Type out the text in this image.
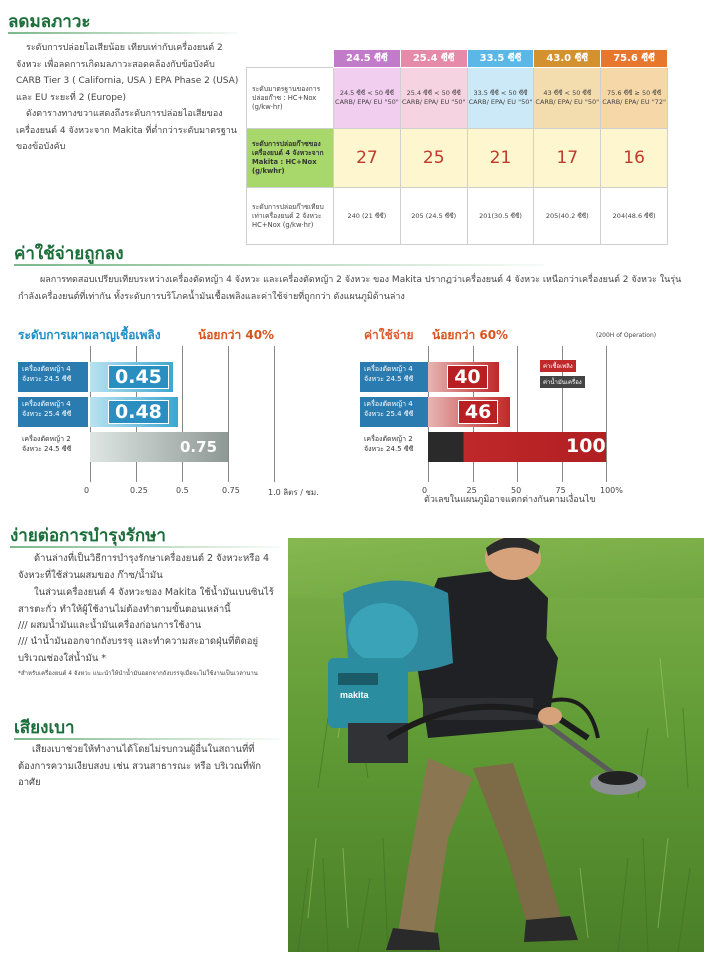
ลดมลภาวะ
ระดับการปล่อยไอเสียน้อย เทียบเท่ากับเครื่องยนต์ 2 จังหวะ เพื่อลดการเกิดมลภาวะสอดคล้องกับข้อบังคับ CARB Tier 3 ( California, USA ) EPA Phase 2 (USA) และ EU ระยะที่ 2 (Europe)
ดังตารางทางขวาแสดงถึงระดับการปล่อยไอเสียของเครื่องยนต์ 4 จังหวะจาก Makita ที่ต่ำกว่าระดับมาตรฐานของข้อบังคับ
	24.5 ซีซี	25.4 ซีซี	33.5 ซีซี	43.0 ซีซี	75.6 ซีซี
ระดับมาตรฐานของการปล่อยก๊าซ : HC+Nox (g/kw·hr)	24.5 ซีซี < 50 ซีซี CARB/ EPA/ EU "50"	25.4 ซีซี < 50 ซีซี CARB/ EPA/ EU "50"	33.5 ซีซี < 50 ซีซี CARB/ EPA/ EU "50"	43 ซีซี < 50 ซีซี CARB/ EPA/ EU "50"	75.6 ซีซี ≥ 50 ซีซี CARB/ EPA/ EU "72"
ระดับการปล่อยก๊าซของเครื่องยนต์ 4 จังหวะจาก Makita : HC+Nox (g/kwhr)	27	25	21	17	16
ระดับการปล่อยก๊าซเทียบเท่าเครื่องยนต์ 2 จังหวะ HC+Nox (g/kw·hr)	240 (21 ซีซี)	205 (24.5 ซีซี)	201(30.5 ซีซี)	205(40.2 ซีซี)	204(48.6 ซีซี)
ค่าใช้จ่ายถูกลง
ผลการทดสอบเปรียบเทียบระหว่างเครื่องตัดหญ้า 4 จังหวะ และเครื่องตัดหญ้า 2 จังหวะ ของ Makita ปรากฏว่าเครื่องยนต์ 4 จังหวะ เหนือกว่าเครื่องยนต์ 2 จังหวะ ในรุ่นกำลังเครื่องยนต์ที่เท่ากัน ทั้งระดับการบริโภคน้ำมันเชื้อเพลิงและค่าใช้จ่ายที่ถูกกว่า ดังแผนภูมิด้านล่าง
ระดับการเผาผลาญเชื้อเพลิง	น้อยกว่า 40%
0	0.25	0.5	0.75	1.0 ลิตร / ชม.
เครื่องตัดหญ้า 4 จังหวะ 24.5 ซีซี	0.45
เครื่องตัดหญ้า 4 จังหวะ 25.4 ซีซี	0.48
เครื่องตัดหญ้า 2 จังหวะ 24.5 ซีซี	0.75
ค่าใช้จ่าย น้อยกว่า 60%	(200H of Operation)
ตัวเลขในแผนภูมิอาจแตกต่างกันตามเงื่อนไข
0	25	50	75	100%
เครื่องตัดหญ้า 4 จังหวะ 24.5 ซีซี	40
เครื่องตัดหญ้า 4 จังหวะ 25.4 ซีซี	46
เครื่องตัดหญ้า 2 จังหวะ 24.5 ซีซี	100
ค่าเชื้อเพลิง
ค่าน้ำมันเครื่อง
ง่ายต่อการบำรุงรักษา
ด้านล่างที่เป็นวิธีการบำรุงรักษาเครื่องยนต์ 2 จังหวะหรือ 4 จังหวะที่ใช้ส่วนผสมของ ก๊าซ/น้ำมัน
ในส่วนเครื่องยนต์ 4 จังหวะของ Makita ใช้น้ำมันเบนซินไร้สารตะกั่ว ทำให้ผู้ใช้งานไม่ต้องทำตามขั้นตอนเหล่านี้
/// ผสมน้ำมันและน้ำมันเครื่องก่อนการใช้งาน
/// นำน้ำมันออกจากถังบรรจุ และทำความสะอาดฝุ่นที่ติดอยู่บริเวณช่องใส่น้ำมัน *
*สำหรับเครื่องยนต์ 4 จังหวะ แนะนำให้นำน้ำมันออกจากถังบรรจุเมื่อจะไม่ใช้งานเป็นเวลานาน
เสียงเบา
เสียงเบาช่วยให้ทำงานได้โดยไม่รบกวนผู้อื่นในสถานที่ที่ต้องการความเงียบสงบ เช่น สวนสาธารณะ หรือ บริเวณที่พักอาศัย
makita
